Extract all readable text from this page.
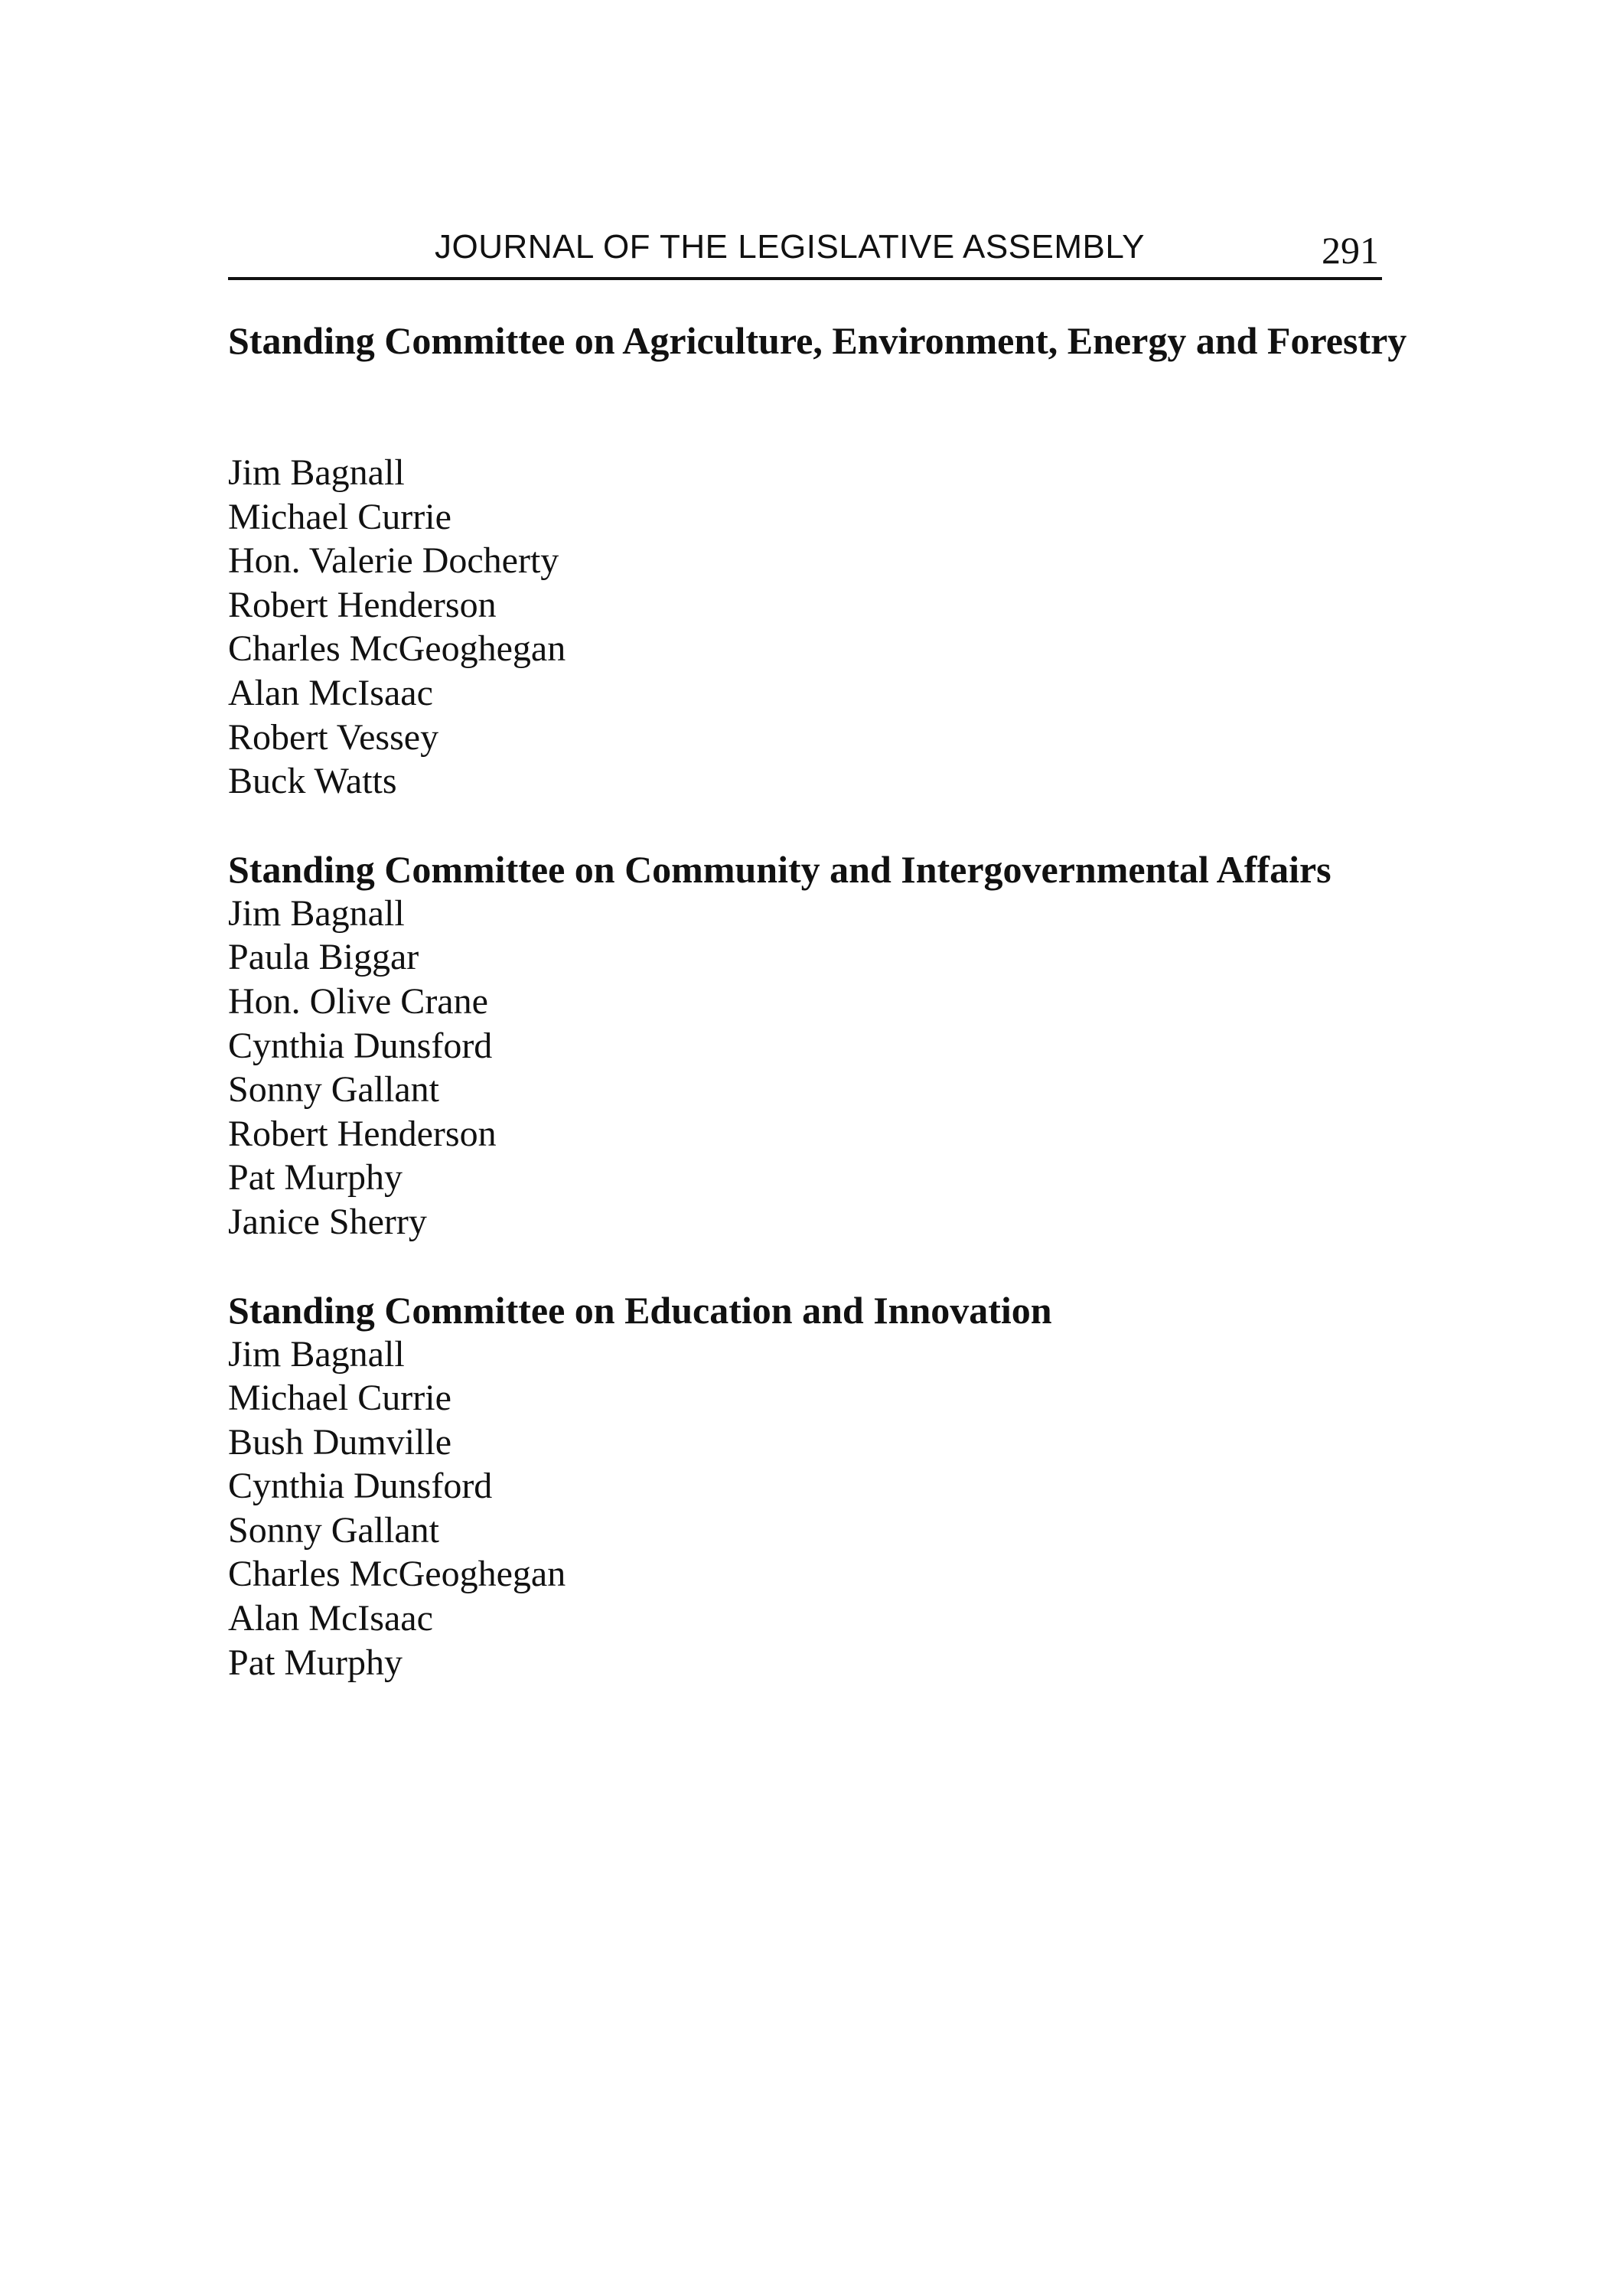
JOURNAL OF THE LEGISLATIVE ASSEMBLY	291
Standing Committee on Agriculture, Environment, Energy and Forestry
Jim Bagnall
Michael Currie
Hon. Valerie Docherty
Robert Henderson
Charles McGeoghegan
Alan McIsaac
Robert Vessey
Buck Watts
Standing Committee on Community and Intergovernmental Affairs
Jim Bagnall
Paula Biggar
Hon. Olive Crane
Cynthia Dunsford
Sonny Gallant
Robert Henderson
Pat Murphy
Janice Sherry
Standing Committee on Education and Innovation
Jim Bagnall
Michael Currie
Bush Dumville
Cynthia Dunsford
Sonny Gallant
Charles McGeoghegan
Alan McIsaac
Pat Murphy
